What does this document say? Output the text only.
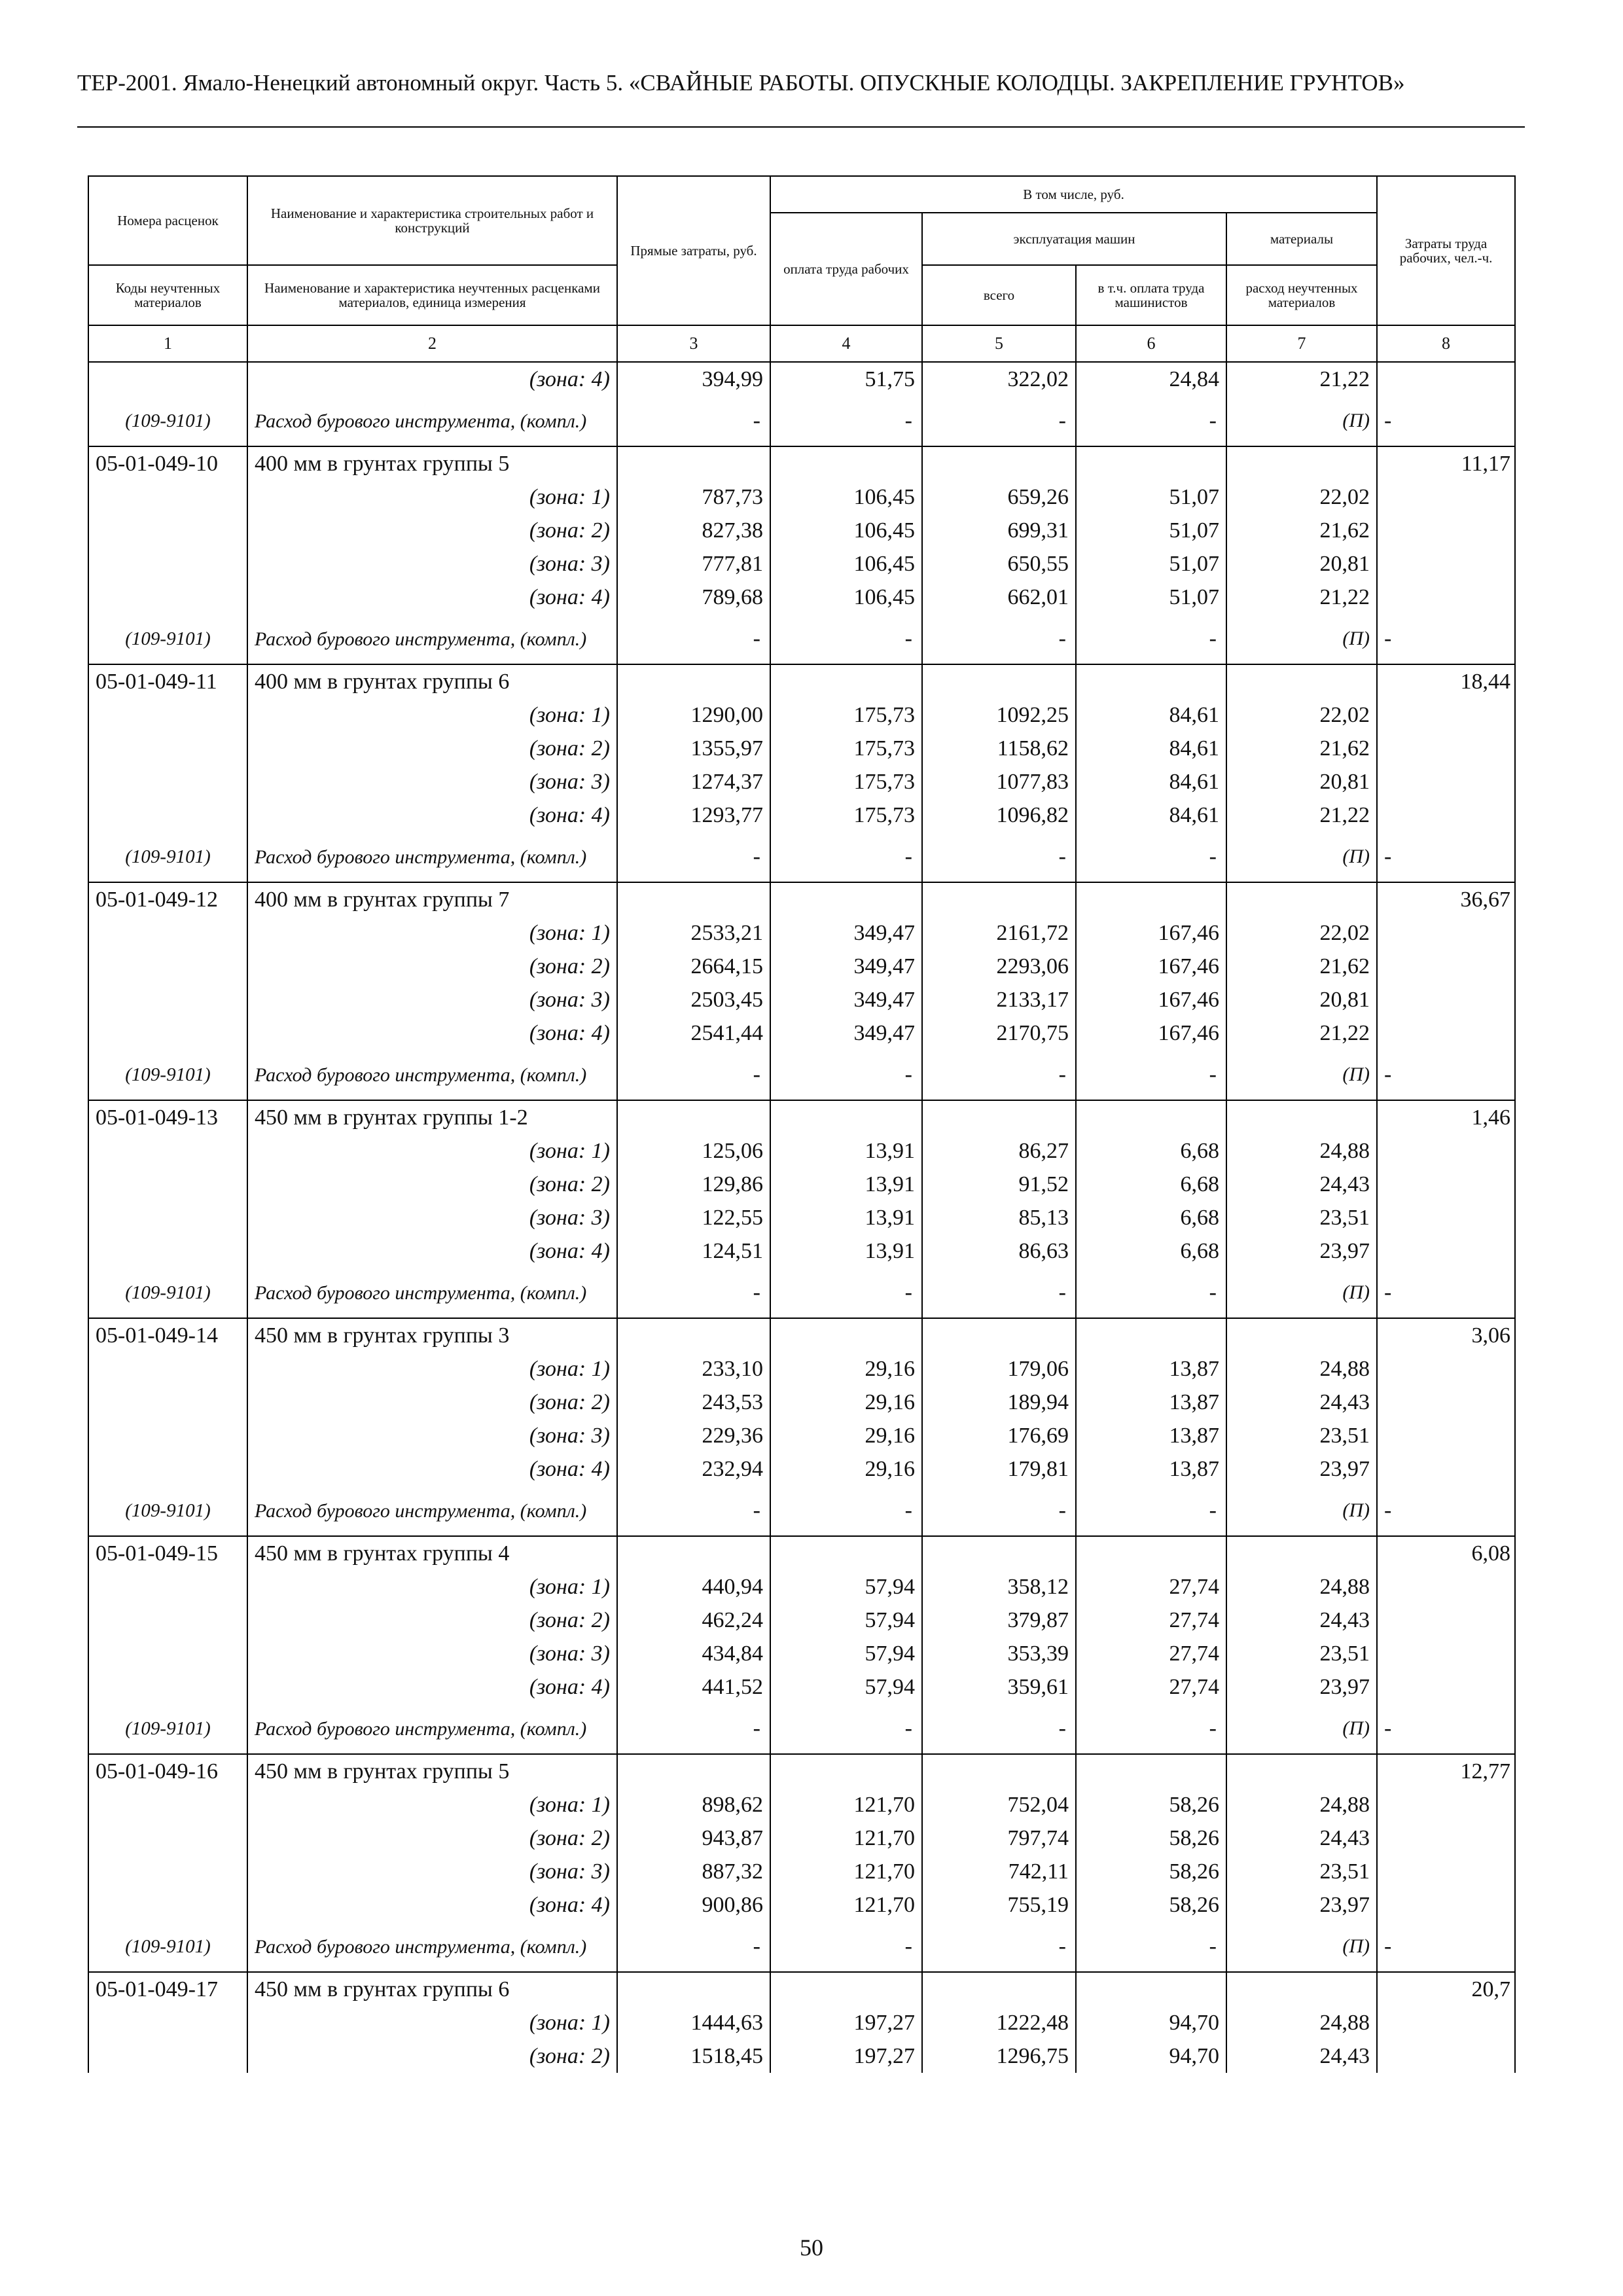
ТЕР-2001. Ямало-Ненецкий автономный округ. Часть 5. «СВАЙНЫЕ РАБОТЫ. ОПУСКНЫЕ КОЛОДЦЫ. ЗАКРЕПЛЕНИЕ ГРУНТОВ»
Номера расценок	Наименование и характеристика строительных работ и конструкций	Прямые затраты, руб.	В том числе, руб.				Затраты труда рабочих, чел.-ч.
			оплата труда рабочих	эксплуатация машин		материалы	
Коды неучтенных материалов	Наименование и характеристика неучтенных расценками материалов, единица измерения			всего	в т.ч. оплата труда машинистов	расход неучтенных материалов	
1	2	3	4	5	6	7	8
	(зона: 4)	394,99	51,75	322,02	24,84	21,22	
(109-9101)	Расход бурового инструмента, (компл.)	-	-	-	-	(П)	-
05-01-049-10	400 мм в грунтах группы 5						11,17
	(зона: 1)	787,73	106,45	659,26	51,07	22,02	
	(зона: 2)	827,38	106,45	699,31	51,07	21,62	
	(зона: 3)	777,81	106,45	650,55	51,07	20,81	
	(зона: 4)	789,68	106,45	662,01	51,07	21,22	
(109-9101)	Расход бурового инструмента, (компл.)	-	-	-	-	(П)	-
05-01-049-11	400 мм в грунтах группы 6						18,44
	(зона: 1)	1290,00	175,73	1092,25	84,61	22,02	
	(зона: 2)	1355,97	175,73	1158,62	84,61	21,62	
	(зона: 3)	1274,37	175,73	1077,83	84,61	20,81	
	(зона: 4)	1293,77	175,73	1096,82	84,61	21,22	
(109-9101)	Расход бурового инструмента, (компл.)	-	-	-	-	(П)	-
05-01-049-12	400 мм в грунтах группы 7						36,67
	(зона: 1)	2533,21	349,47	2161,72	167,46	22,02	
	(зона: 2)	2664,15	349,47	2293,06	167,46	21,62	
	(зона: 3)	2503,45	349,47	2133,17	167,46	20,81	
	(зона: 4)	2541,44	349,47	2170,75	167,46	21,22	
(109-9101)	Расход бурового инструмента, (компл.)	-	-	-	-	(П)	-
05-01-049-13	450 мм в грунтах группы 1-2						1,46
	(зона: 1)	125,06	13,91	86,27	6,68	24,88	
	(зона: 2)	129,86	13,91	91,52	6,68	24,43	
	(зона: 3)	122,55	13,91	85,13	6,68	23,51	
	(зона: 4)	124,51	13,91	86,63	6,68	23,97	
(109-9101)	Расход бурового инструмента, (компл.)	-	-	-	-	(П)	-
05-01-049-14	450 мм в грунтах группы 3						3,06
	(зона: 1)	233,10	29,16	179,06	13,87	24,88	
	(зона: 2)	243,53	29,16	189,94	13,87	24,43	
	(зона: 3)	229,36	29,16	176,69	13,87	23,51	
	(зона: 4)	232,94	29,16	179,81	13,87	23,97	
(109-9101)	Расход бурового инструмента, (компл.)	-	-	-	-	(П)	-
05-01-049-15	450 мм в грунтах группы 4						6,08
	(зона: 1)	440,94	57,94	358,12	27,74	24,88	
	(зона: 2)	462,24	57,94	379,87	27,74	24,43	
	(зона: 3)	434,84	57,94	353,39	27,74	23,51	
	(зона: 4)	441,52	57,94	359,61	27,74	23,97	
(109-9101)	Расход бурового инструмента, (компл.)	-	-	-	-	(П)	-
05-01-049-16	450 мм в грунтах группы 5						12,77
	(зона: 1)	898,62	121,70	752,04	58,26	24,88	
	(зона: 2)	943,87	121,70	797,74	58,26	24,43	
	(зона: 3)	887,32	121,70	742,11	58,26	23,51	
	(зона: 4)	900,86	121,70	755,19	58,26	23,97	
(109-9101)	Расход бурового инструмента, (компл.)	-	-	-	-	(П)	-
05-01-049-17	450 мм в грунтах группы 6						20,7
	(зона: 1)	1444,63	197,27	1222,48	94,70	24,88	
	(зона: 2)	1518,45	197,27	1296,75	94,70	24,43	
50
